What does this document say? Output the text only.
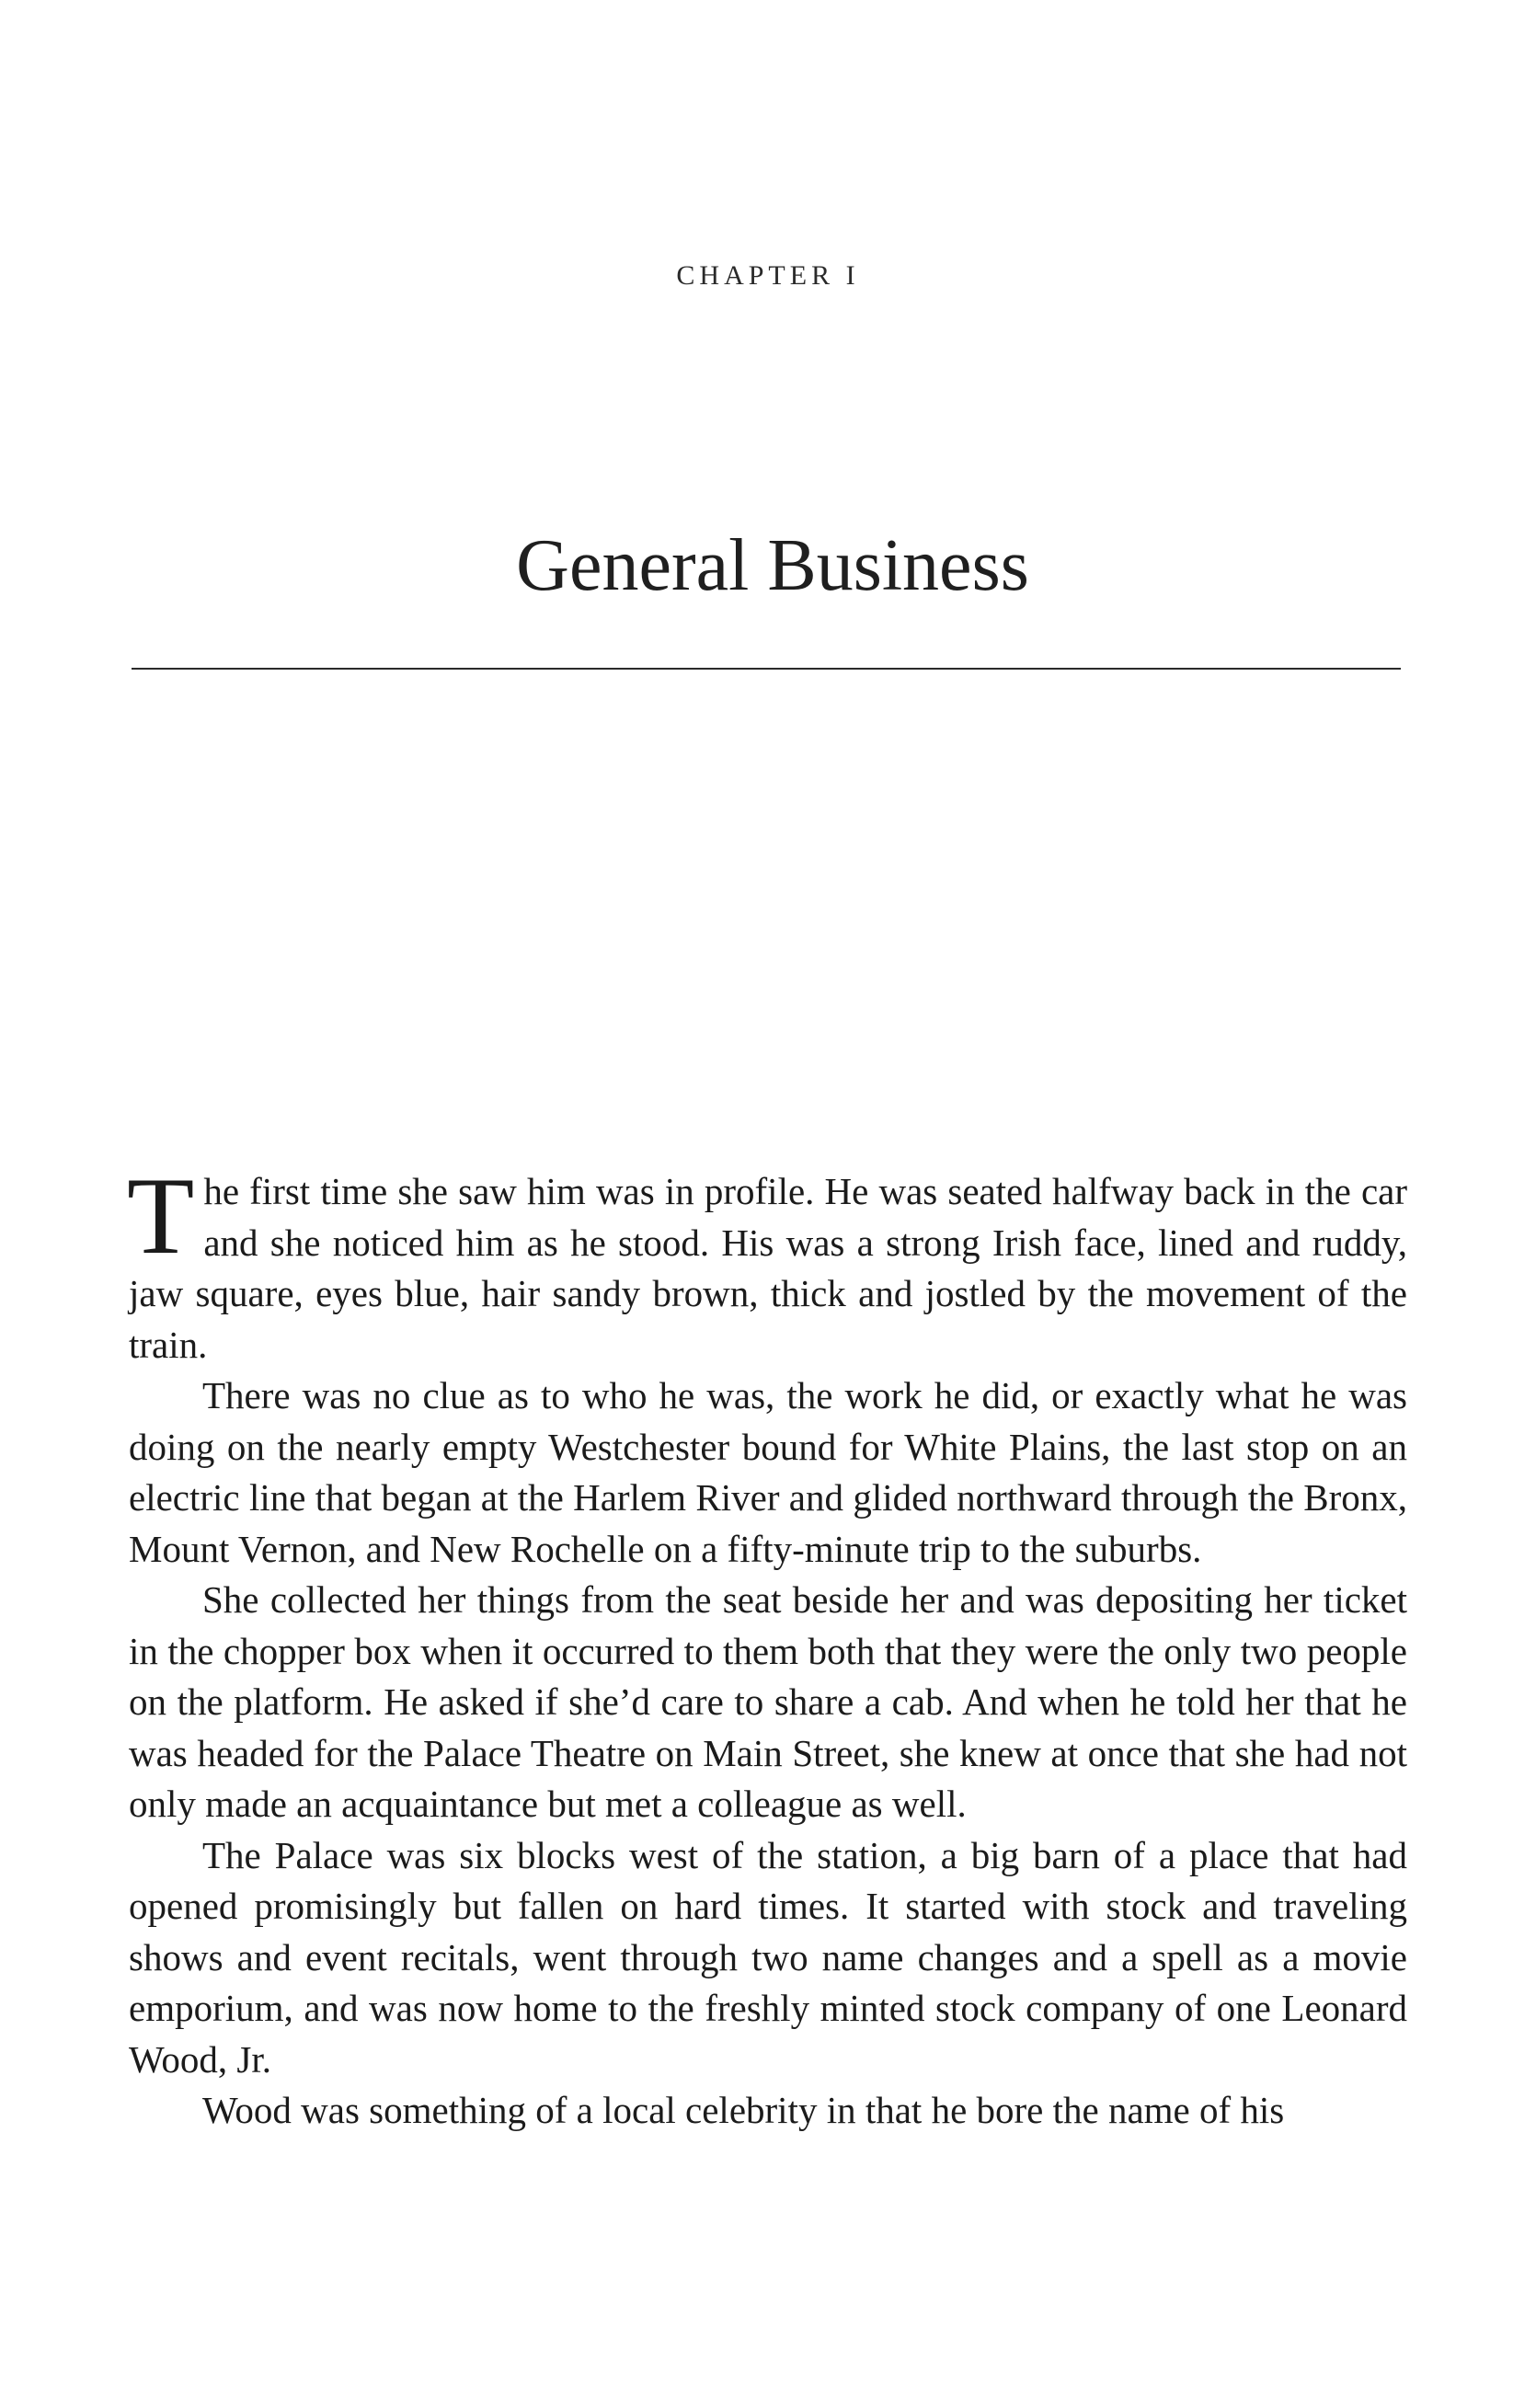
CHAPTER I
General Business

The first time she saw him was in profile. He was seated halfway back in the car and she noticed him as he stood. His was a strong Irish face, lined and ruddy, jaw square, eyes blue, hair sandy brown, thick and jostled by the movement of the train.

There was no clue as to who he was, the work he did, or exactly what he was doing on the nearly empty Westchester bound for White Plains, the last stop on an electric line that began at the Harlem River and glided northward through the Bronx, Mount Vernon, and New Rochelle on a fifty-minute trip to the suburbs.

She collected her things from the seat beside her and was depositing her ticket in the chopper box when it occurred to them both that they were the only two people on the platform. He asked if she’d care to share a cab. And when he told her that he was headed for the Palace Theatre on Main Street, she knew at once that she had not only made an acquaintance but met a colleague as well.

The Palace was six blocks west of the station, a big barn of a place that had opened promisingly but fallen on hard times. It started with stock and traveling shows and event recitals, went through two name changes and a spell as a movie emporium, and was now home to the freshly minted stock company of one Leonard Wood, Jr.

Wood was something of a local celebrity in that he bore the name of his
